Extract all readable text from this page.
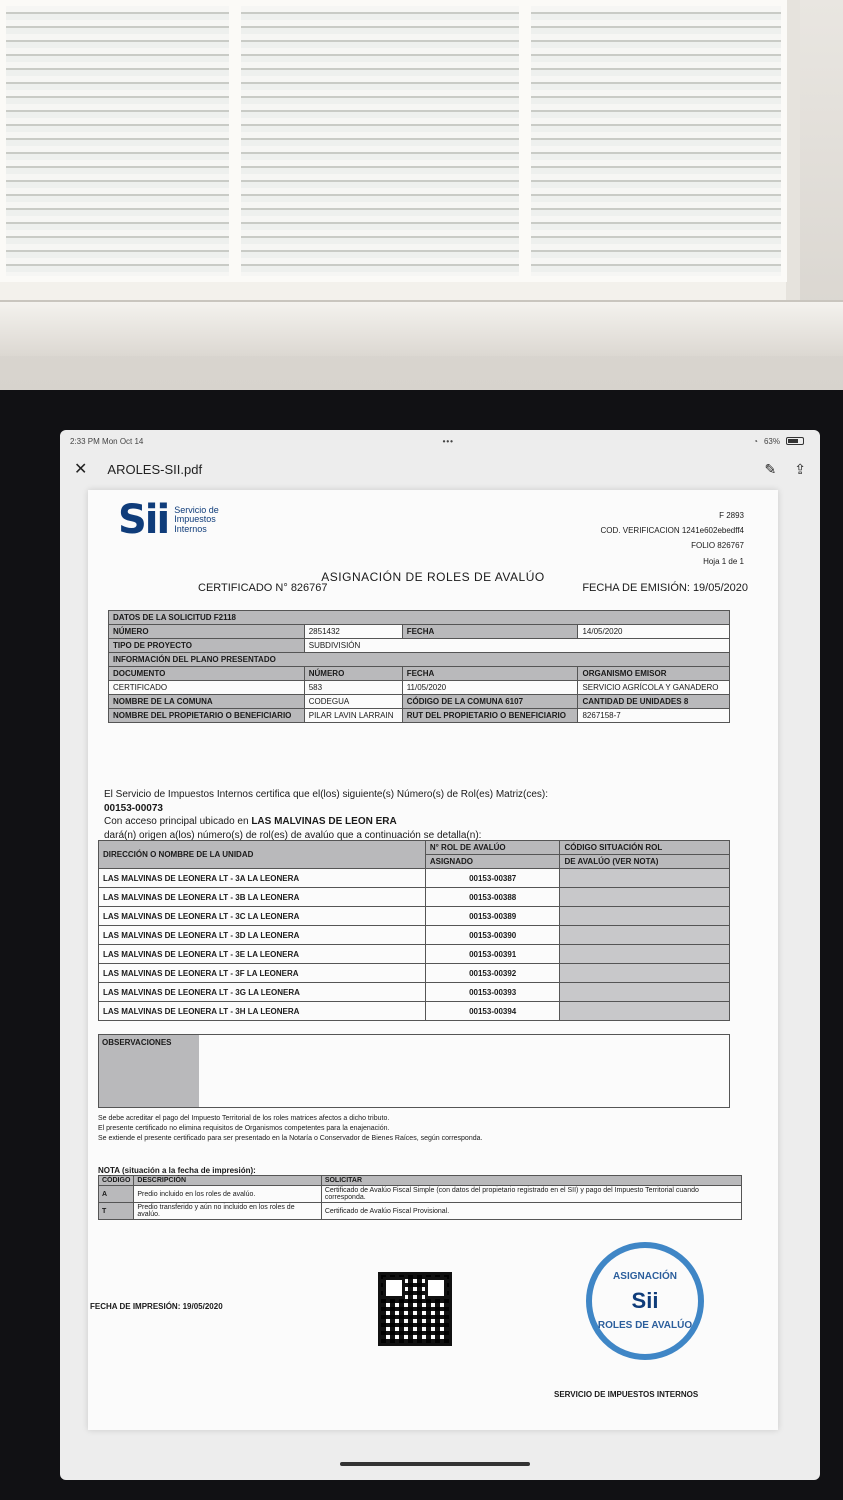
2:33 PM Mon Oct 14	•••	◔ 63%
✕ AROLES-SII.pdf	✎ ⇪
Sii Servicio de
Impuestos
Internos
F 2893
COD. VERIFICACION 1241e602ebedff4
FOLIO 826767
Hoja 1 de 1
ASIGNACIÓN DE ROLES DE AVALÚO
CERTIFICADO N° 826767	FECHA DE EMISIÓN: 19/05/2020
DATOS DE LA SOLICITUD F2118			
NÚMERO	2851432	FECHA	14/05/2020
TIPO DE PROYECTO	SUBDIVISIÓN		
INFORMACIÓN DEL PLANO PRESENTADO			
DOCUMENTO	NÚMERO	FECHA	ORGANISMO EMISOR
CERTIFICADO	583	11/05/2020	SERVICIO AGRÍCOLA Y GANADERO
NOMBRE DE LA COMUNA	CODEGUA	CÓDIGO DE LA COMUNA 6107	CANTIDAD DE UNIDADES 8
NOMBRE DEL PROPIETARIO O BENEFICIARIO	PILAR LAVIN LARRAIN	RUT DEL PROPIETARIO O BENEFICIARIO	8267158-7
El Servicio de Impuestos Internos certifica que el(los) siguiente(s) Número(s) de Rol(es) Matriz(ces):
00153-00073
Con acceso principal ubicado en LAS MALVINAS DE LEON ERA
dará(n) origen a(los) número(s) de rol(es) de avalúo que a continuación se detalla(n):
DIRECCIÓN O NOMBRE DE LA UNIDAD	N° ROL DE AVALÚO	CÓDIGO SITUACIÓN ROL
	ASIGNADO	DE AVALÚO (VER NOTA)
LAS MALVINAS DE LEONERA LT - 3A LA LEONERA	00153-00387	
LAS MALVINAS DE LEONERA LT - 3B LA LEONERA	00153-00388	
LAS MALVINAS DE LEONERA LT - 3C LA LEONERA	00153-00389	
LAS MALVINAS DE LEONERA LT - 3D LA LEONERA	00153-00390	
LAS MALVINAS DE LEONERA LT - 3E LA LEONERA	00153-00391	
LAS MALVINAS DE LEONERA LT - 3F LA LEONERA	00153-00392	
LAS MALVINAS DE LEONERA LT - 3G LA LEONERA	00153-00393	
LAS MALVINAS DE LEONERA LT - 3H LA LEONERA	00153-00394	
OBSERVACIONES
Se debe acreditar el pago del Impuesto Territorial de los roles matrices afectos a dicho tributo.
El presente certificado no elimina requisitos de Organismos competentes para la enajenación.
Se extiende el presente certificado para ser presentado en la Notaría o Conservador de Bienes Raíces, según corresponda.
NOTA (situación a la fecha de impresión):
CÓDIGO	DESCRIPCIÓN	SOLICITAR
A	Predio incluido en los roles de avalúo.	Certificado de Avalúo Fiscal Simple (con datos del propietario registrado en el SII) y pago del Impuesto Territorial cuando corresponda.
T	Predio transferido y aún no incluido en los roles de avalúo.	Certificado de Avalúo Fiscal Provisional.
FECHA DE IMPRESIÓN: 19/05/2020
ASIGNACIÓN
Sii
ROLES DE AVALÚO
SERVICIO DE IMPUESTOS INTERNOS
